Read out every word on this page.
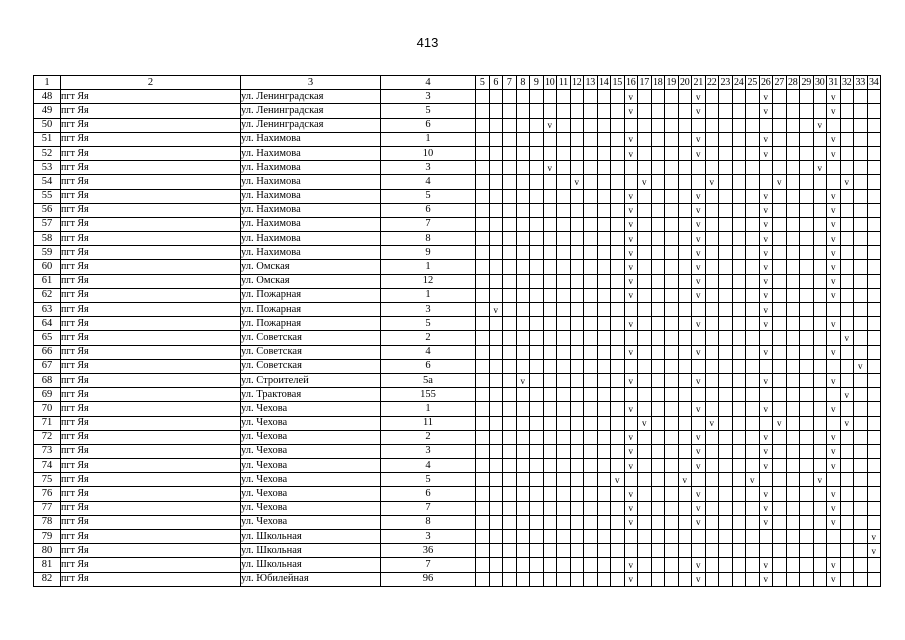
413
1	2	3	4	5	6	7	8	9	10	11	12	13	14	15	16	17	18	19	20	21	22	23	24	25	26	27	28	29	30	31	32	33	34
48	пгт Яя	ул. Ленинградская	3												v					v					v					v			
49	пгт Яя	ул. Ленинградская	5												v					v					v					v			
50	пгт Яя	ул. Ленинградская	6						v																				v				
51	пгт Яя	ул. Нахимова	1												v					v					v					v			
52	пгт Яя	ул. Нахимова	10												v					v					v					v			
53	пгт Яя	ул. Нахимова	3						v																				v				
54	пгт Яя	ул. Нахимова	4								v					v					v					v					v		
55	пгт Яя	ул. Нахимова	5												v					v					v					v			
56	пгт Яя	ул. Нахимова	6												v					v					v					v			
57	пгт Яя	ул. Нахимова	7												v					v					v					v			
58	пгт Яя	ул. Нахимова	8												v					v					v					v			
59	пгт Яя	ул. Нахимова	9												v					v					v					v			
60	пгт Яя	ул. Омская	1												v					v					v					v			
61	пгт Яя	ул. Омская	12												v					v					v					v			
62	пгт Яя	ул. Пожарная	1												v					v					v					v			
63	пгт Яя	ул. Пожарная	3		v																				v								
64	пгт Яя	ул. Пожарная	5												v					v					v					v			
65	пгт Яя	ул. Советская	2																												v		
66	пгт Яя	ул. Советская	4												v					v					v					v			
67	пгт Яя	ул. Советская	6																													v	
68	пгт Яя	ул. Строителей	5а				v								v					v					v					v			
69	пгт Яя	ул. Трактовая	155																												v		
70	пгт Яя	ул. Чехова	1												v					v					v					v			
71	пгт Яя	ул. Чехова	11													v					v					v					v		
72	пгт Яя	ул. Чехова	2												v					v					v					v			
73	пгт Яя	ул. Чехова	3												v					v					v					v			
74	пгт Яя	ул. Чехова	4												v					v					v					v			
75	пгт Яя	ул. Чехова	5											v					v					v					v				
76	пгт Яя	ул. Чехова	6												v					v					v					v			
77	пгт Яя	ул. Чехова	7												v					v					v					v			
78	пгт Яя	ул. Чехова	8												v					v					v					v			
79	пгт Яя	ул. Школьная	3																														v
80	пгт Яя	ул. Школьная	36																														v
81	пгт Яя	ул. Школьная	7												v					v					v					v			
82	пгт Яя	ул. Юбилейная	96												v					v					v					v			
